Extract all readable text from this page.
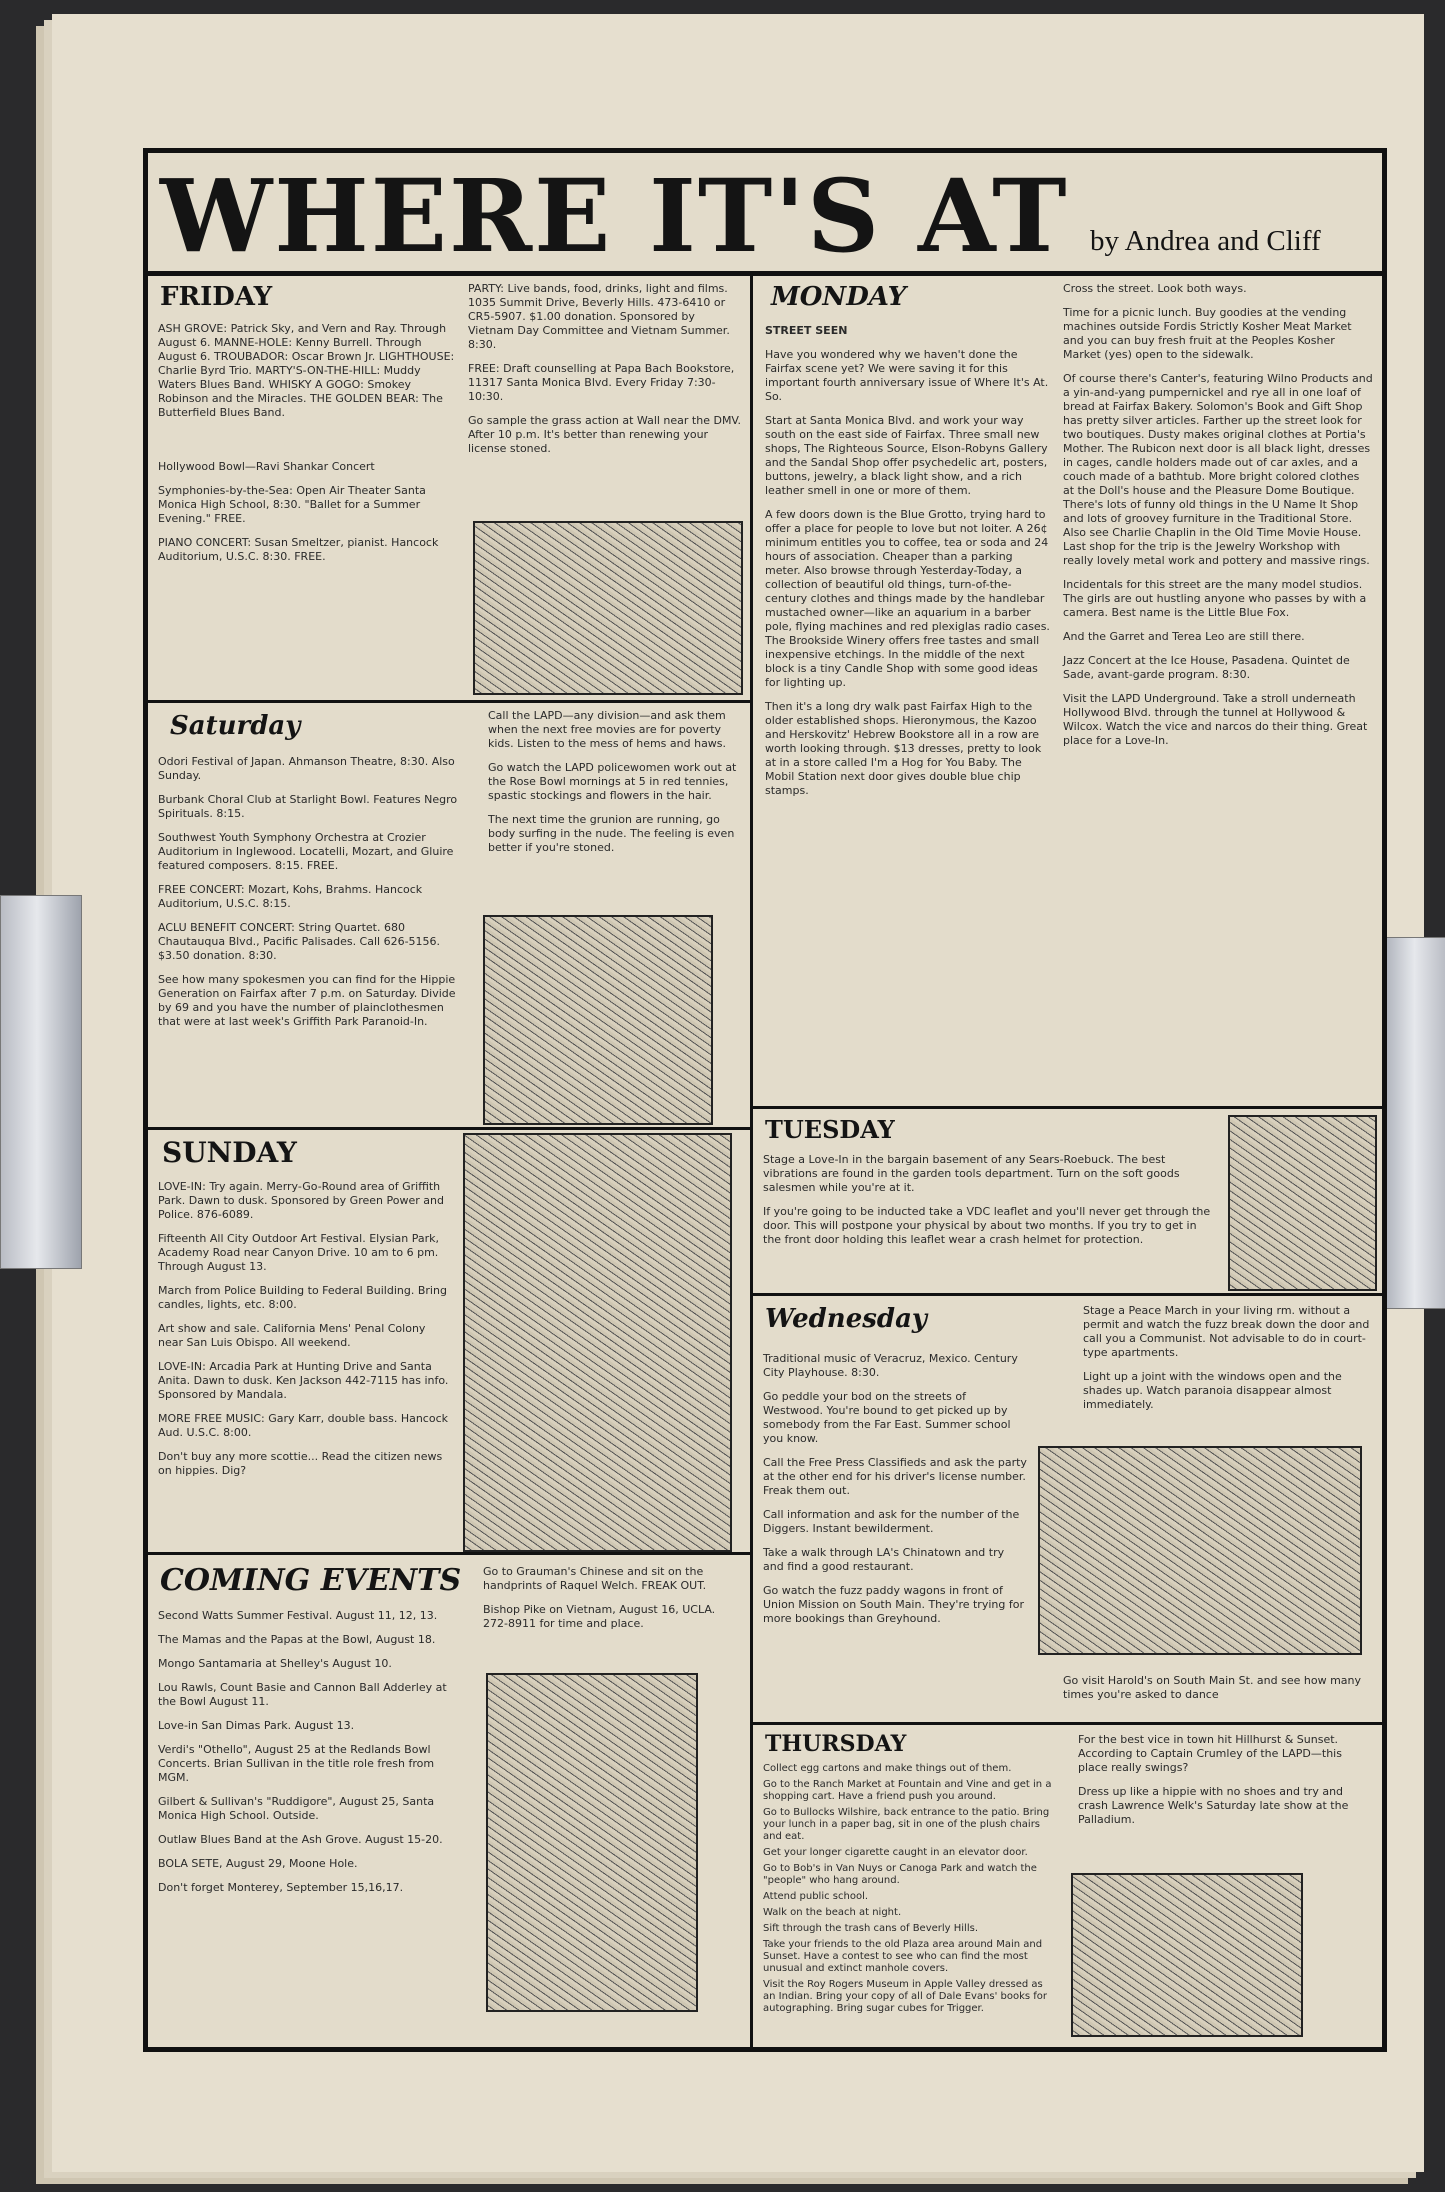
WHERE IT'S AT by Andrea and Cliff
FRIDAY

ASH GROVE: Patrick Sky, and Vern and Ray. Through August 6. MANNE-HOLE: Kenny Burrell. Through August 6. TROUBADOR: Oscar Brown Jr. LIGHTHOUSE: Charlie Byrd Trio. MARTY'S-ON-THE-HILL: Muddy Waters Blues Band. WHISKY A GOGO: Smokey Robinson and the Miracles. THE GOLDEN BEAR: The Butterfield Blues Band.

Hollywood Bowl—Ravi Shankar Concert

Symphonies-by-the-Sea: Open Air Theater Santa Monica High School, 8:30. "Ballet for a Summer Evening." FREE.

PIANO CONCERT: Susan Smeltzer, pianist. Hancock Auditorium, U.S.C. 8:30. FREE.

PARTY: Live bands, food, drinks, light and films. 1035 Summit Drive, Beverly Hills. 473-6410 or CR5-5907. $1.00 donation. Sponsored by Vietnam Day Committee and Vietnam Summer. 8:30.

FREE: Draft counselling at Papa Bach Bookstore, 11317 Santa Monica Blvd. Every Friday 7:30-10:30.

Go sample the grass action at Wall near the DMV. After 10 p.m. It's better than renewing your license stoned.

Saturday

Odori Festival of Japan. Ahmanson Theatre, 8:30. Also Sunday.

Burbank Choral Club at Starlight Bowl. Features Negro Spirituals. 8:15.

Southwest Youth Symphony Orchestra at Crozier Auditorium in Inglewood. Locatelli, Mozart, and Gluire featured composers. 8:15. FREE.

FREE CONCERT: Mozart, Kohs, Brahms. Hancock Auditorium, U.S.C. 8:15.

ACLU BENEFIT CONCERT: String Quartet. 680 Chautauqua Blvd., Pacific Palisades. Call 626-5156. $3.50 donation. 8:30.

See how many spokesmen you can find for the Hippie Generation on Fairfax after 7 p.m. on Saturday. Divide by 69 and you have the number of plainclothesmen that were at last week's Griffith Park Paranoid-In.

Call the LAPD—any division—and ask them when the next free movies are for poverty kids. Listen to the mess of hems and haws.

Go watch the LAPD policewomen work out at the Rose Bowl mornings at 5 in red tennies, spastic stockings and flowers in the hair.

The next time the grunion are running, go body surfing in the nude. The feeling is even better if you're stoned.

SUNDAY

LOVE-IN: Try again. Merry-Go-Round area of Griffith Park. Dawn to dusk. Sponsored by Green Power and Police. 876-6089.

Fifteenth All City Outdoor Art Festival. Elysian Park, Academy Road near Canyon Drive. 10 am to 6 pm. Through August 13.

March from Police Building to Federal Building. Bring candles, lights, etc. 8:00.

Art show and sale. California Mens' Penal Colony near San Luis Obispo. All weekend.

LOVE-IN: Arcadia Park at Hunting Drive and Santa Anita. Dawn to dusk. Ken Jackson 442-7115 has info. Sponsored by Mandala.

MORE FREE MUSIC: Gary Karr, double bass. Hancock Aud. U.S.C. 8:00.

Don't buy any more scottie... Read the citizen news on hippies. Dig?

COMING EVENTS

Second Watts Summer Festival. August 11, 12, 13.

The Mamas and the Papas at the Bowl, August 18.

Mongo Santamaria at Shelley's August 10.

Lou Rawls, Count Basie and Cannon Ball Adderley at the Bowl August 11.

Love-in San Dimas Park. August 13.

Verdi's "Othello", August 25 at the Redlands Bowl Concerts. Brian Sullivan in the title role fresh from MGM.

Gilbert & Sullivan's "Ruddigore", August 25, Santa Monica High School. Outside.

Outlaw Blues Band at the Ash Grove. August 15-20.

BOLA SETE, August 29, Moone Hole.

Don't forget Monterey, September 15,16,17.

Go to Grauman's Chinese and sit on the handprints of Raquel Welch. FREAK OUT.

Bishop Pike on Vietnam, August 16, UCLA. 272-8911 for time and place.

MONDAY
STREET SEEN

Have you wondered why we haven't done the Fairfax scene yet? We were saving it for this important fourth anniversary issue of Where It's At. So.

Start at Santa Monica Blvd. and work your way south on the east side of Fairfax. Three small new shops, The Righteous Source, Elson-Robyns Gallery and the Sandal Shop offer psychedelic art, posters, buttons, jewelry, a black light show, and a rich leather smell in one or more of them.

A few doors down is the Blue Grotto, trying hard to offer a place for people to love but not loiter. A 26¢ minimum entitles you to coffee, tea or soda and 24 hours of association. Cheaper than a parking meter. Also browse through Yesterday-Today, a collection of beautiful old things, turn-of-the-century clothes and things made by the handlebar mustached owner—like an aquarium in a barber pole, flying machines and red plexiglas radio cases. The Brookside Winery offers free tastes and small inexpensive etchings. In the middle of the next block is a tiny Candle Shop with some good ideas for lighting up.

Then it's a long dry walk past Fairfax High to the older established shops. Hieronymous, the Kazoo and Herskovitz' Hebrew Bookstore all in a row are worth looking through. $13 dresses, pretty to look at in a store called I'm a Hog for You Baby. The Mobil Station next door gives double blue chip stamps.

Cross the street. Look both ways.

Time for a picnic lunch. Buy goodies at the vending machines outside Fordis Strictly Kosher Meat Market and you can buy fresh fruit at the Peoples Kosher Market (yes) open to the sidewalk.

Of course there's Canter's, featuring Wilno Products and a yin-and-yang pumpernickel and rye all in one loaf of bread at Fairfax Bakery. Solomon's Book and Gift Shop has pretty silver articles. Farther up the street look for two boutiques. Dusty makes original clothes at Portia's Mother. The Rubicon next door is all black light, dresses in cages, candle holders made out of car axles, and a couch made of a bathtub. More bright colored clothes at the Doll's house and the Pleasure Dome Boutique. There's lots of funny old things in the U Name It Shop and lots of groovey furniture in the Traditional Store. Also see Charlie Chaplin in the Old Time Movie House. Last shop for the trip is the Jewelry Workshop with really lovely metal work and pottery and massive rings.

Incidentals for this street are the many model studios. The girls are out hustling anyone who passes by with a camera. Best name is the Little Blue Fox.

And the Garret and Terea Leo are still there.

Jazz Concert at the Ice House, Pasadena. Quintet de Sade, avant-garde program. 8:30.

Visit the LAPD Underground. Take a stroll underneath Hollywood Blvd. through the tunnel at Hollywood & Wilcox. Watch the vice and narcos do their thing. Great place for a Love-In.

TUESDAY

Stage a Love-In in the bargain basement of any Sears-Roebuck. The best vibrations are found in the garden tools department. Turn on the soft goods salesmen while you're at it.

If you're going to be inducted take a VDC leaflet and you'll never get through the door. This will postpone your physical by about two months. If you try to get in the front door holding this leaflet wear a crash helmet for protection.

Wednesday

Traditional music of Veracruz, Mexico. Century City Playhouse. 8:30.

Go peddle your bod on the streets of Westwood. You're bound to get picked up by somebody from the Far East. Summer school you know.

Call the Free Press Classifieds and ask the party at the other end for his driver's license number. Freak them out.

Call information and ask for the number of the Diggers. Instant bewilderment.

Take a walk through LA's Chinatown and try and find a good restaurant.

Go watch the fuzz paddy wagons in front of Union Mission on South Main. They're trying for more bookings than Greyhound.

Stage a Peace March in your living rm. without a permit and watch the fuzz break down the door and call you a Communist. Not advisable to do in court-type apartments.

Light up a joint with the windows open and the shades up. Watch paranoia disappear almost immediately.

Go visit Harold's on South Main St. and see how many times you're asked to dance
THURSDAY

Collect egg cartons and make things out of them.

Go to the Ranch Market at Fountain and Vine and get in a shopping cart. Have a friend push you around.

Go to Bullocks Wilshire, back entrance to the patio. Bring your lunch in a paper bag, sit in one of the plush chairs and eat.

Get your longer cigarette caught in an elevator door.

Go to Bob's in Van Nuys or Canoga Park and watch the "people" who hang around.

Attend public school.

Walk on the beach at night.

Sift through the trash cans of Beverly Hills.

Take your friends to the old Plaza area around Main and Sunset. Have a contest to see who can find the most unusual and extinct manhole covers.

Visit the Roy Rogers Museum in Apple Valley dressed as an Indian. Bring your copy of all of Dale Evans' books for autographing. Bring sugar cubes for Trigger.

For the best vice in town hit Hillhurst & Sunset. According to Captain Crumley of the LAPD—this place really swings?

Dress up like a hippie with no shoes and try and crash Lawrence Welk's Saturday late show at the Palladium.
